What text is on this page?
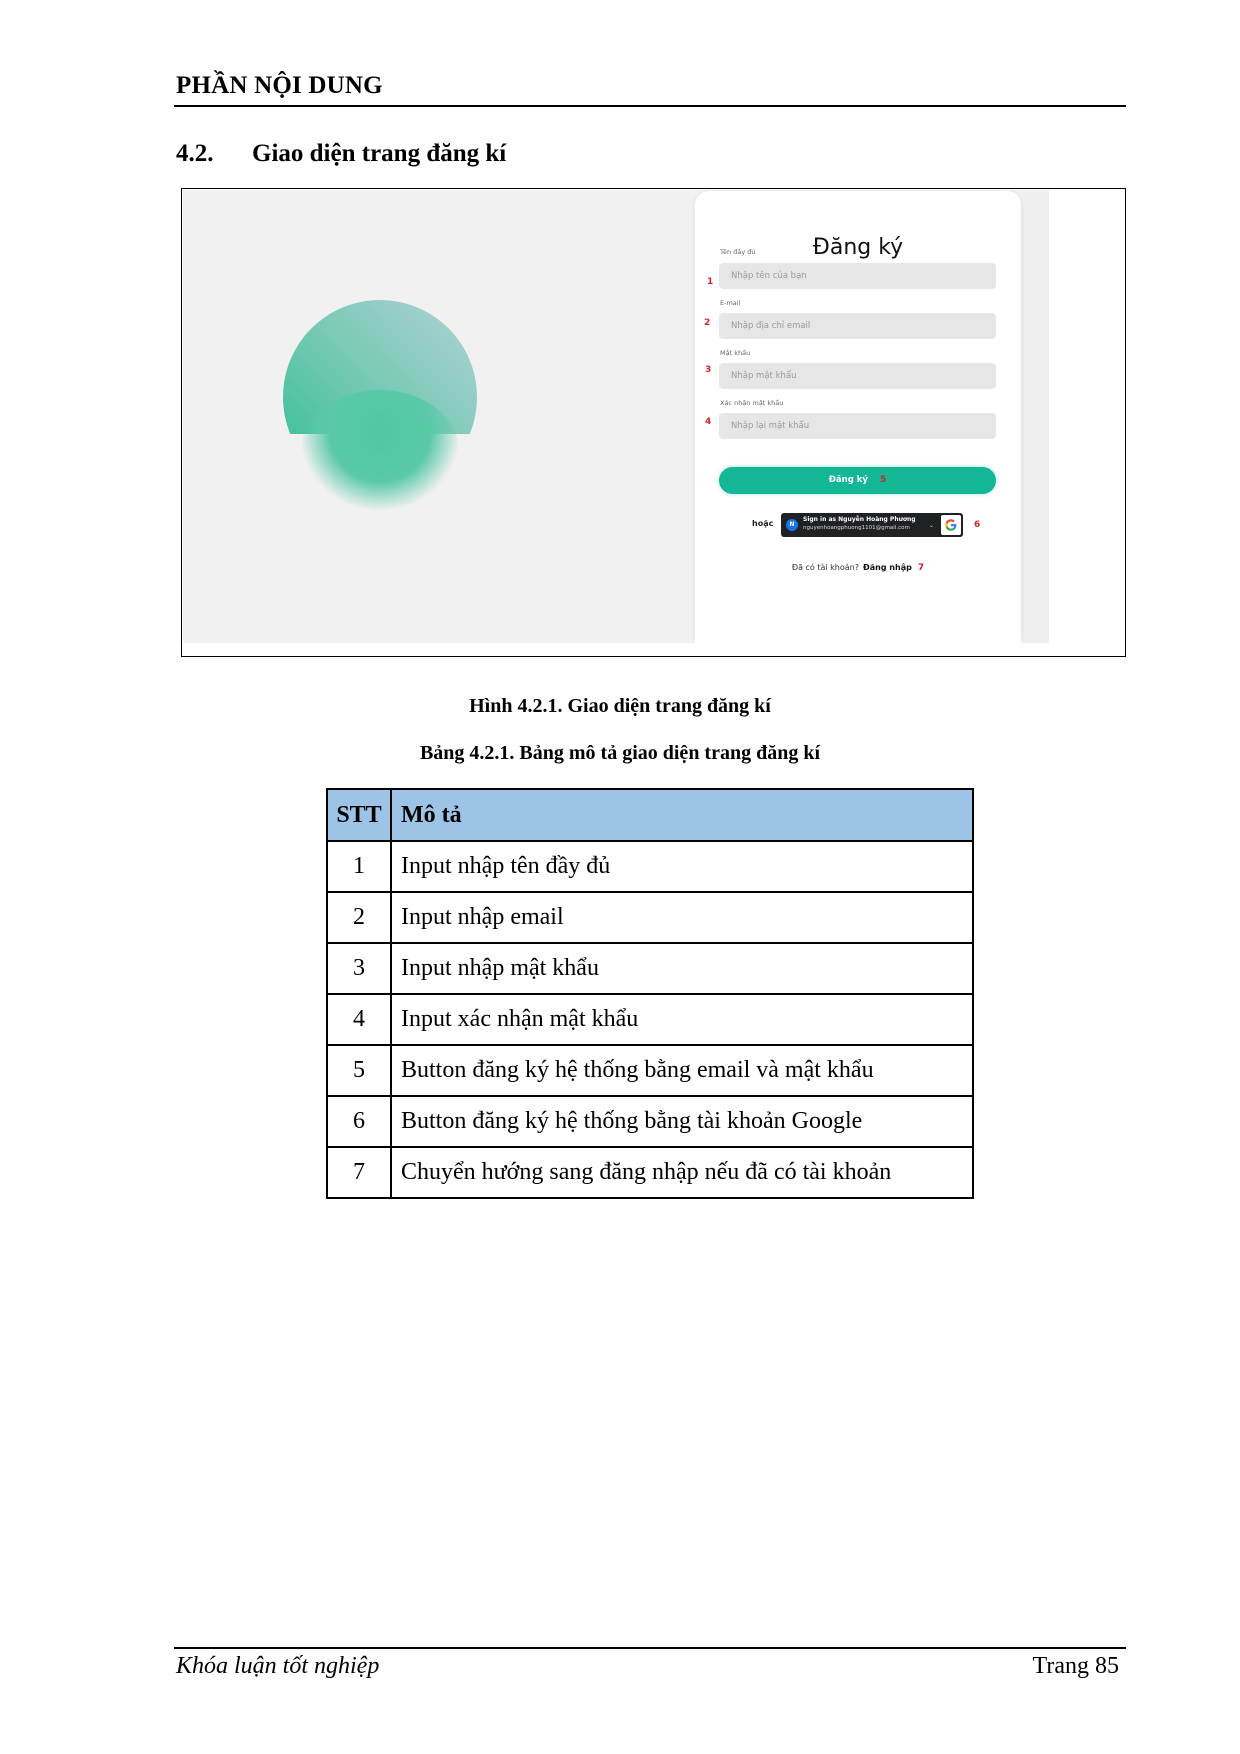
PHẦN NỘI DUNG
4.2. Giao diện trang đăng kí
Đăng ký
Tên đầy đủ
1
Nhập tên của bạn
E-mail
2	Nhập địa chỉ email
Mật khẩu
3
Nhập mật khẩu
Xác nhận mật khẩu
4	Nhập lại mật khẩu
Đăng ký 5
hoặc	N
Sign in as Nguyễn Hoàng Phương
nguyenhoangphuong1101@gmail.com	⌄	6
Đã có tài khoản? Đăng nhập 7
Hình 4.2.1. Giao diện trang đăng kí
Bảng 4.2.1. Bảng mô tả giao diện trang đăng kí
STT	Mô tả
1	Input nhập tên đầy đủ
2	Input nhập email
3	Input nhập mật khẩu
4	Input xác nhận mật khẩu
5	Button đăng ký hệ thống bằng email và mật khẩu
6	Button đăng ký hệ thống bằng tài khoản Google
7	Chuyển hướng sang đăng nhập nếu đã có tài khoản
Khóa luận tốt nghiệp	Trang 85
